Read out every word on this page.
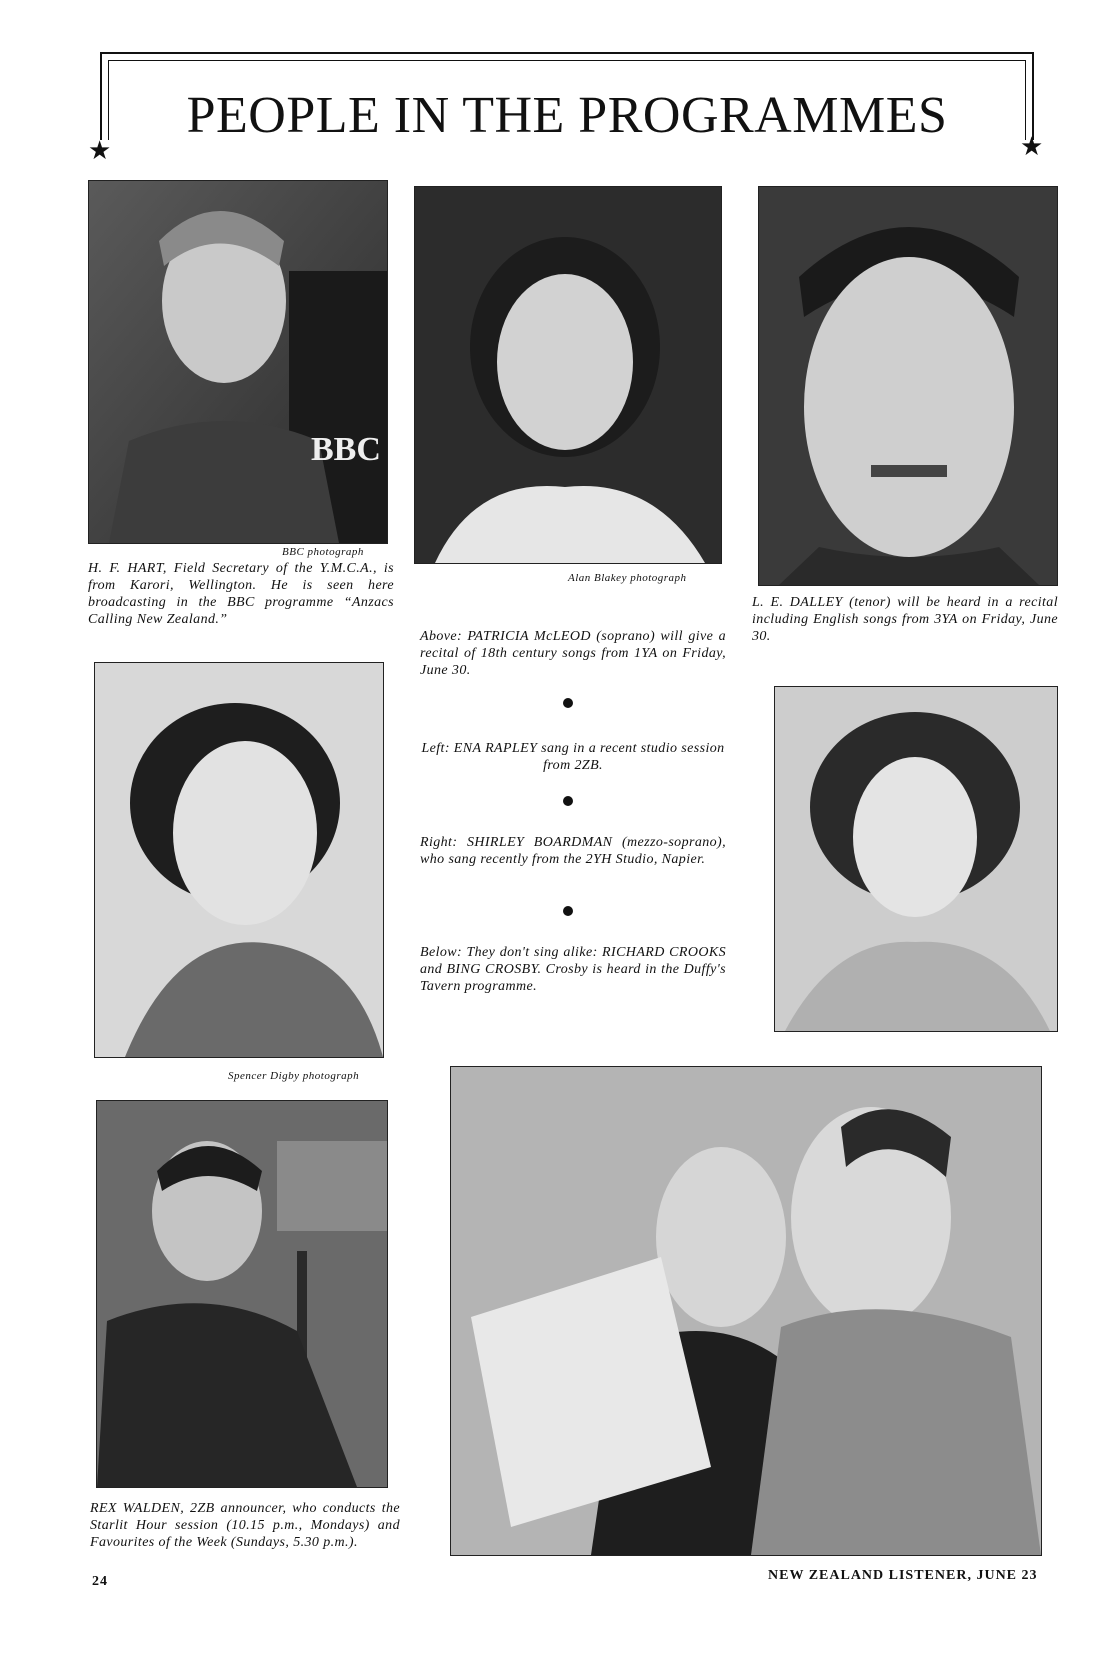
★	★
PEOPLE IN THE PROGRAMMES
BBC
BBC photograph
H. F. HART, Field Secretary of the Y.M.C.A., is from Karori, Wellington. He is seen here broadcasting in the BBC programme “Anzacs Calling New Zealand.”
Alan Blakey photograph
L. E. DALLEY (tenor) will be heard in a recital including English songs from 3YA on Friday, June 30.
Above: PATRICIA McLEOD (soprano) will give a recital of 18th century songs from 1YA on Friday, June 30.
Left: ENA RAPLEY sang in a recent studio session from 2ZB.
Right: SHIRLEY BOARDMAN (mezzo-soprano), who sang recently from the 2YH Studio, Napier.
Below: They don't sing alike: RICHARD CROOKS and BING CROSBY. Crosby is heard in the Duffy's Tavern programme.
Spencer Digby photograph
REX WALDEN, 2ZB announcer, who conducts the Starlit Hour session (10.15 p.m., Mondays) and Favourites of the Week (Sundays, 5.30 p.m.).
24	NEW ZEALAND LISTENER, JUNE 23
